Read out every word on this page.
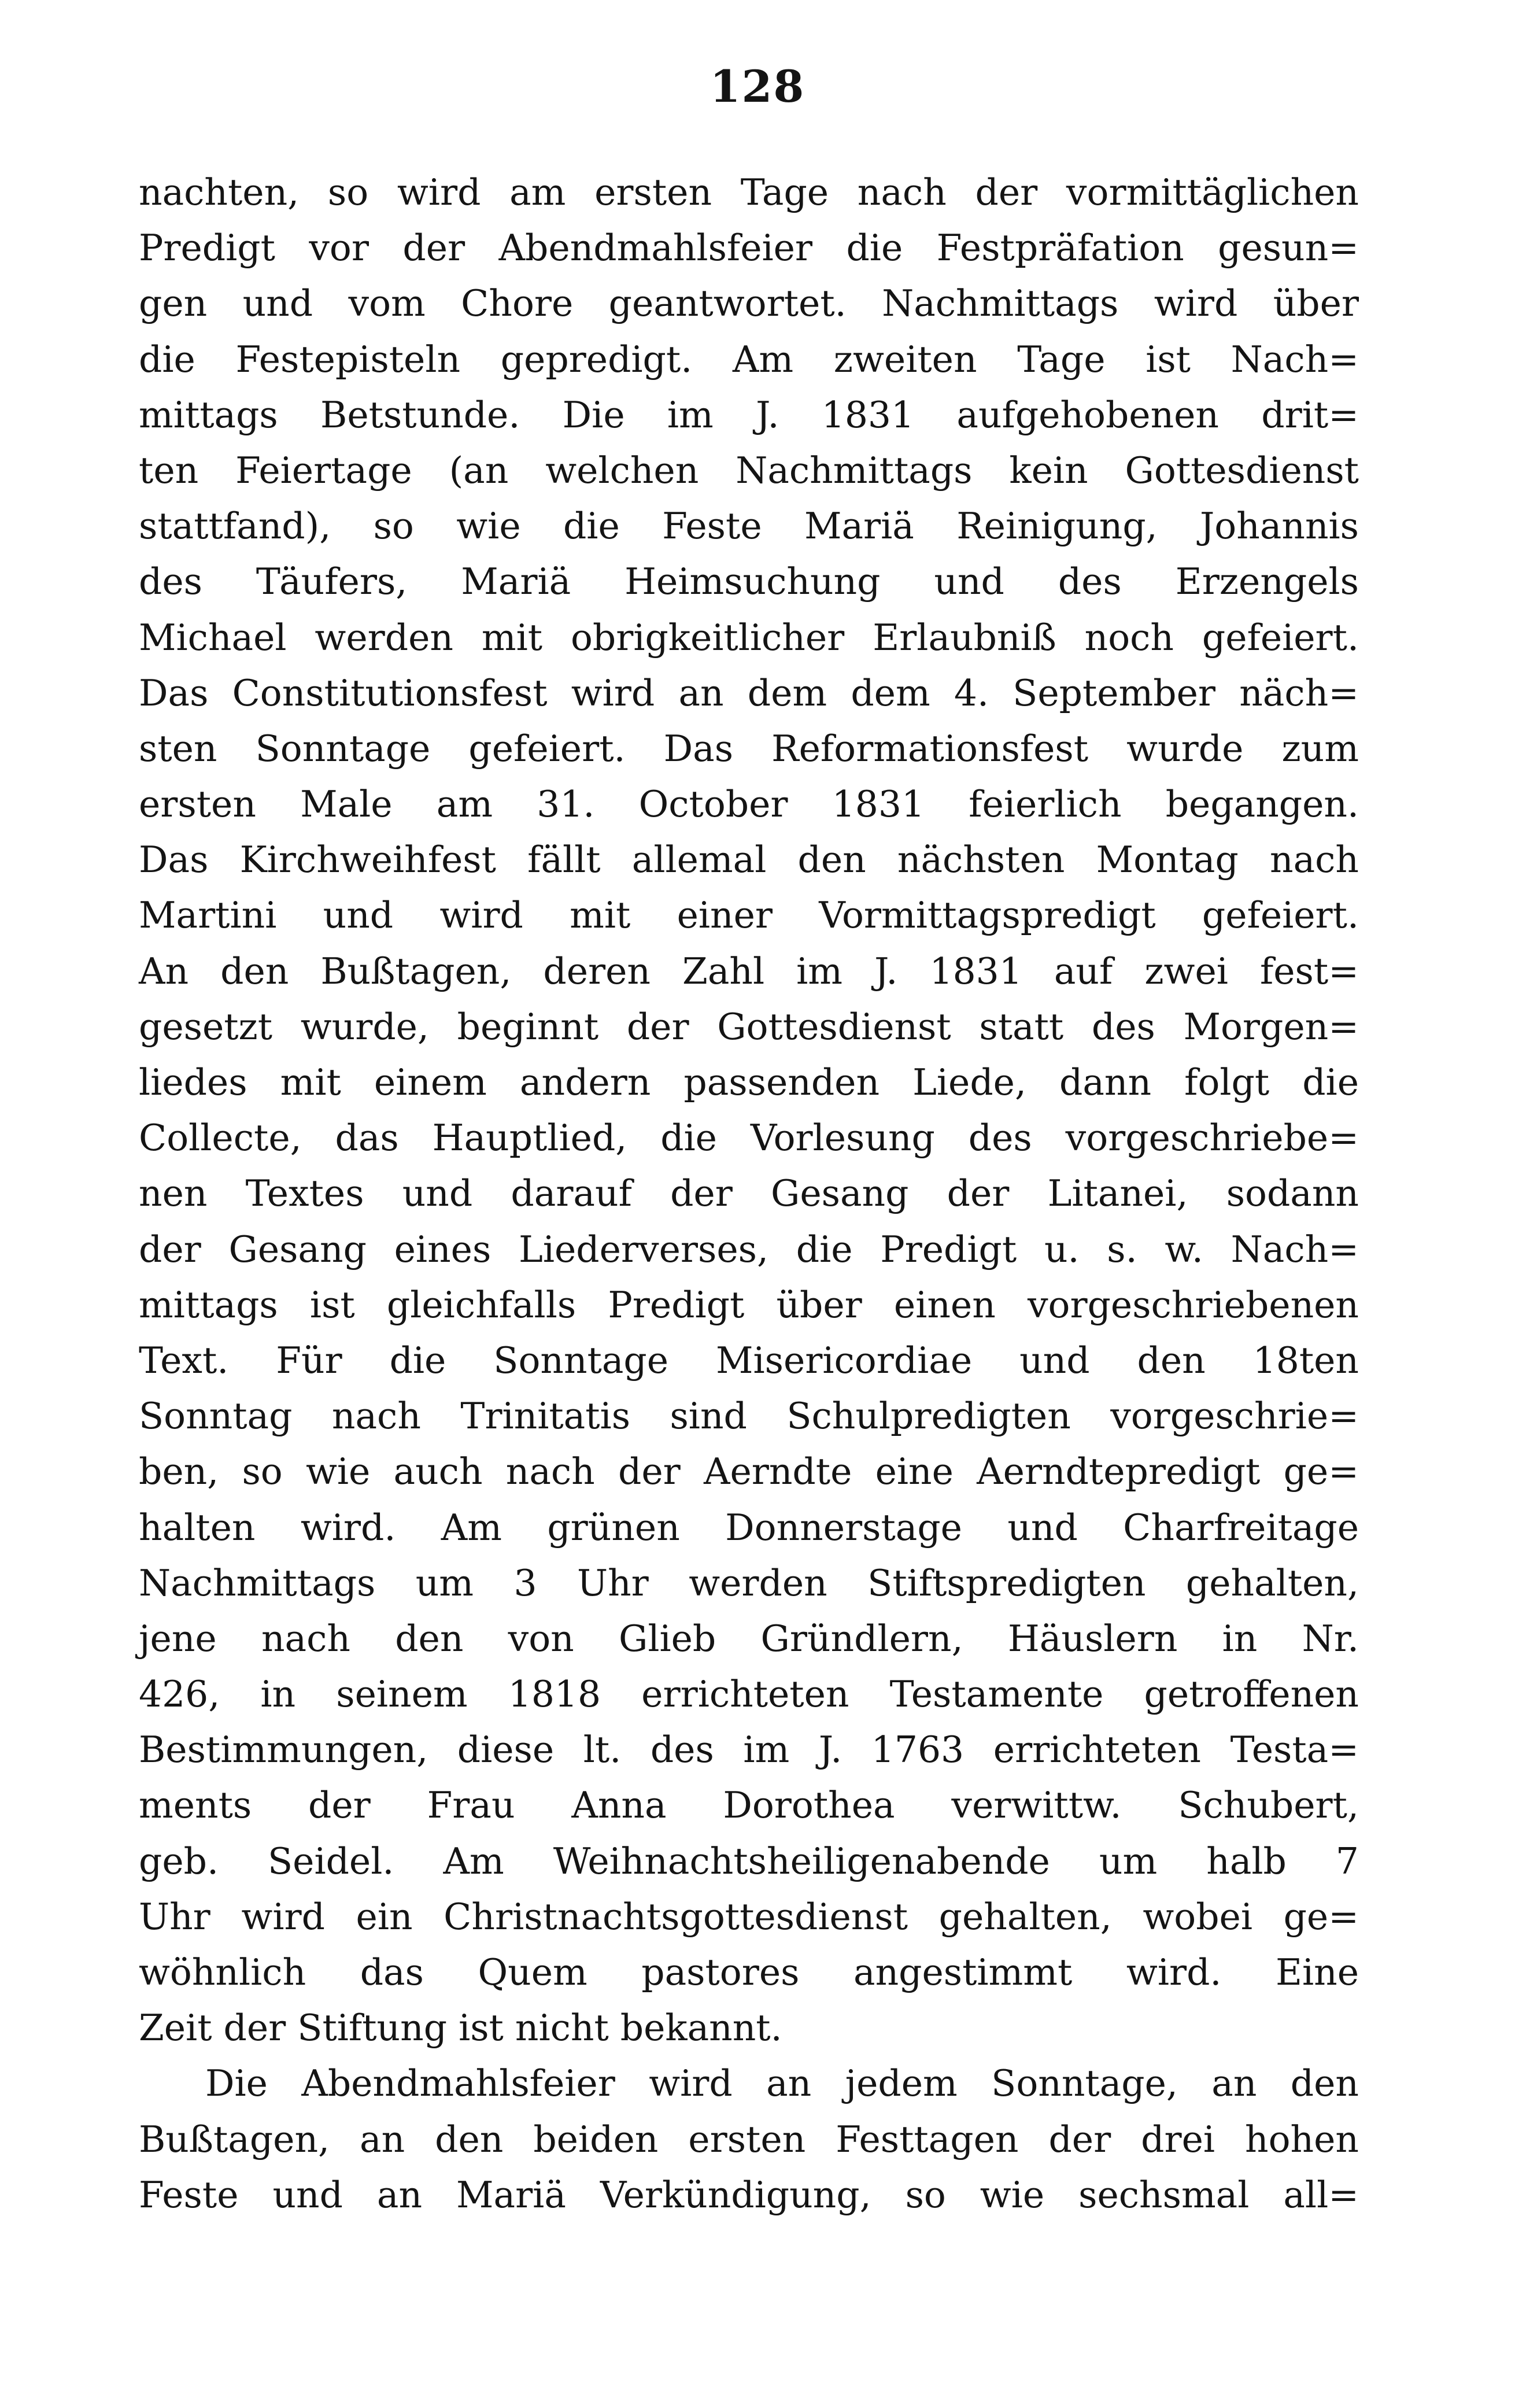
128
nachten, so wird am ersten Tage nach der vormittäglichen
Predigt vor der Abendmahlsfeier die Festpräfation gesun=
gen und vom Chore geantwortet. Nachmittags wird über
die Festepisteln gepredigt. Am zweiten Tage ist Nach=
mittags Betstunde. Die im J. 1831 aufgehobenen drit=
ten Feiertage (an welchen Nachmittags kein Gottesdienst
stattfand), so wie die Feste Mariä Reinigung, Johannis
des Täufers, Mariä Heimsuchung und des Erzengels
Michael werden mit obrigkeitlicher Erlaubniß noch gefeiert.
Das Constitutionsfest wird an dem dem 4. September näch=
sten Sonntage gefeiert. Das Reformationsfest wurde zum
ersten Male am 31. October 1831 feierlich begangen.
Das Kirchweihfest fällt allemal den nächsten Montag nach
Martini und wird mit einer Vormittagspredigt gefeiert.
An den Bußtagen, deren Zahl im J. 1831 auf zwei fest=
gesetzt wurde, beginnt der Gottesdienst statt des Morgen=
liedes mit einem andern passenden Liede, dann folgt die
Collecte, das Hauptlied, die Vorlesung des vorgeschriebe=
nen Textes und darauf der Gesang der Litanei, sodann
der Gesang eines Liederverses, die Predigt u. s. w. Nach=
mittags ist gleichfalls Predigt über einen vorgeschriebenen
Text. Für die Sonntage Misericordiae und den 18ten
Sonntag nach Trinitatis sind Schulpredigten vorgeschrie=
ben, so wie auch nach der Aerndte eine Aerndtepredigt ge=
halten wird. Am grünen Donnerstage und Charfreitage
Nachmittags um 3 Uhr werden Stiftspredigten gehalten,
jene nach den von Glieb Gründlern, Häuslern in Nr.
426, in seinem 1818 errichteten Testamente getroffenen
Bestimmungen, diese lt. des im J. 1763 errichteten Testa=
ments der Frau Anna Dorothea verwittw. Schubert,
geb. Seidel. Am Weihnachtsheiligenabende um halb 7
Uhr wird ein Christnachtsgottesdienst gehalten, wobei ge=
wöhnlich das Quem pastores angestimmt wird. Eine
Zeit der Stiftung ist nicht bekannt.
Die Abendmahlsfeier wird an jedem Sonntage, an den
Bußtagen, an den beiden ersten Festtagen der drei hohen
Feste und an Mariä Verkündigung, so wie sechsmal all=
